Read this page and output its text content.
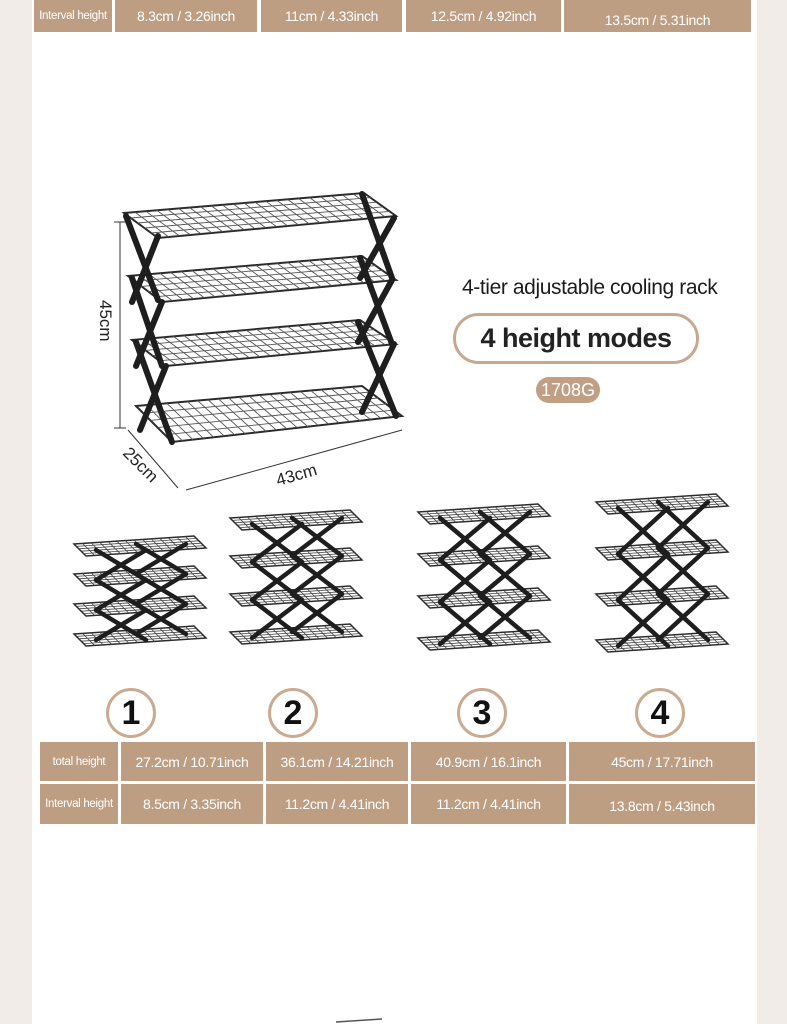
Interval height	8.3cm / 3.26inch	11cm / 4.33inch	12.5cm / 4.92inch	13.5cm / 5.31inch
45cm
25cm	43cm
4-tier adjustable cooling rack
4 height modes
1708G
1	2	3	4
total height	27.2cm / 10.71inch	36.1cm / 14.21inch	40.9cm / 16.1inch	45cm / 17.71inch
Interval height	8.5cm / 3.35inch	11.2cm / 4.41inch	11.2cm / 4.41inch	13.8cm / 5.43inch
